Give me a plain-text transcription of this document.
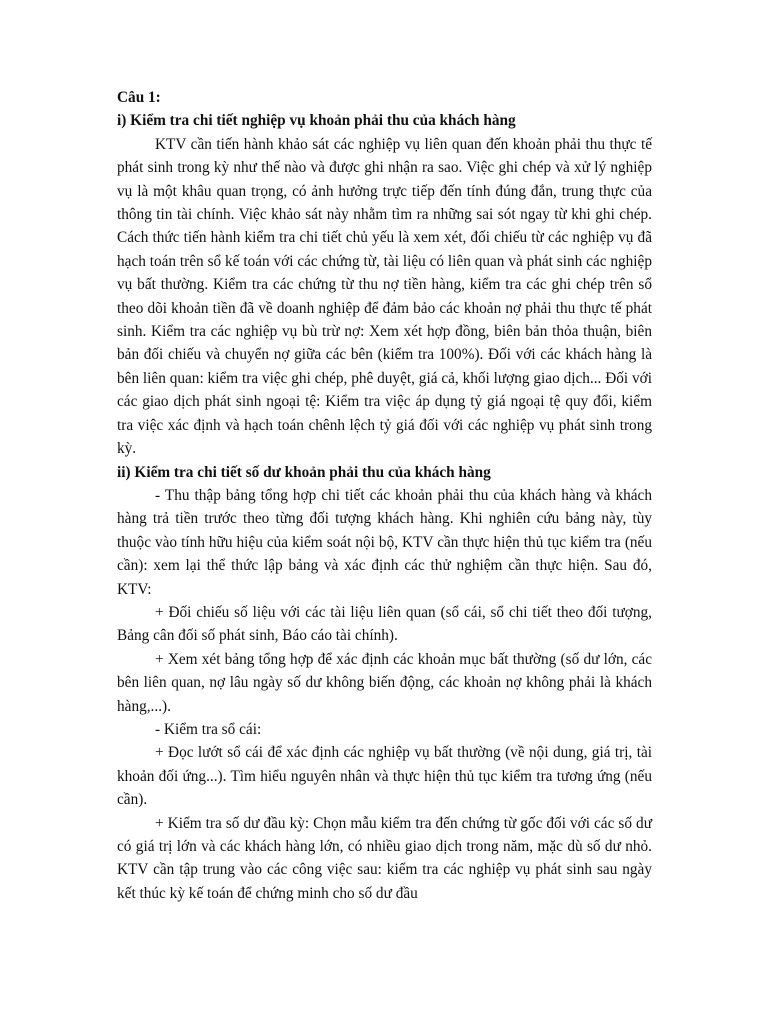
Câu 1:

i) Kiểm tra chi tiết nghiệp vụ khoản phải thu của khách hàng

KTV cần tiến hành khảo sát các nghiệp vụ liên quan đến khoản phải thu thực tế phát sinh trong kỳ như thế nào và được ghi nhận ra sao. Việc ghi chép và xử lý nghiệp vụ là một khâu quan trọng, có ảnh hưởng trực tiếp đến tính đúng đắn, trung thực của thông tin tài chính. Việc khảo sát này nhằm tìm ra những sai sót ngay từ khi ghi chép. Cách thức tiến hành kiểm tra chi tiết chủ yếu là xem xét, đối chiếu từ các nghiệp vụ đã hạch toán trên sổ kế toán với các chứng từ, tài liệu có liên quan và phát sinh các nghiệp vụ bất thường. Kiểm tra các chứng từ thu nợ tiền hàng, kiểm tra các ghi chép trên sổ theo dõi khoản tiền đã về doanh nghiệp để đảm bảo các khoản nợ phải thu thực tế phát sinh. Kiểm tra các nghiệp vụ bù trừ nợ: Xem xét hợp đồng, biên bản thỏa thuận, biên bản đối chiếu và chuyển nợ giữa các bên (kiểm tra 100%). Đối với các khách hàng là bên liên quan: kiểm tra việc ghi chép, phê duyệt, giá cả, khối lượng giao dịch... Đối với các giao dịch phát sinh ngoại tệ: Kiểm tra việc áp dụng tỷ giá ngoại tệ quy đổi, kiểm tra việc xác định và hạch toán chênh lệch tỷ giá đối với các nghiệp vụ phát sinh trong kỳ.

ii) Kiểm tra chi tiết số dư khoản phải thu của khách hàng

- Thu thập bảng tổng hợp chi tiết các khoản phải thu của khách hàng và khách hàng trả tiền trước theo từng đối tượng khách hàng. Khi nghiên cứu bảng này, tùy thuộc vào tính hữu hiệu của kiểm soát nội bộ, KTV cần thực hiện thủ tục kiểm tra (nếu cần): xem lại thể thức lập bảng và xác định các thử nghiệm cần thực hiện. Sau đó, KTV:

+ Đối chiếu số liệu với các tài liệu liên quan (sổ cái, sổ chi tiết theo đối tượng, Bảng cân đối số phát sinh, Báo cáo tài chính).

+ Xem xét bảng tổng hợp để xác định các khoản mục bất thường (số dư lớn, các bên liên quan, nợ lâu ngày số dư không biến động, các khoản nợ không phải là khách hàng,...).

- Kiểm tra sổ cái:

+ Đọc lướt sổ cái để xác định các nghiệp vụ bất thường (về nội dung, giá trị, tài khoản đối ứng...). Tìm hiểu nguyên nhân và thực hiện thủ tục kiểm tra tương ứng (nếu cần).

+ Kiểm tra số dư đầu kỳ: Chọn mẫu kiểm tra đến chứng từ gốc đối với các số dư có giá trị lớn và các khách hàng lớn, có nhiều giao dịch trong năm, mặc dù số dư nhỏ. KTV cần tập trung vào các công việc sau: kiểm tra các nghiệp vụ phát sinh sau ngày kết thúc kỳ kế toán để chứng minh cho số dư đầu
